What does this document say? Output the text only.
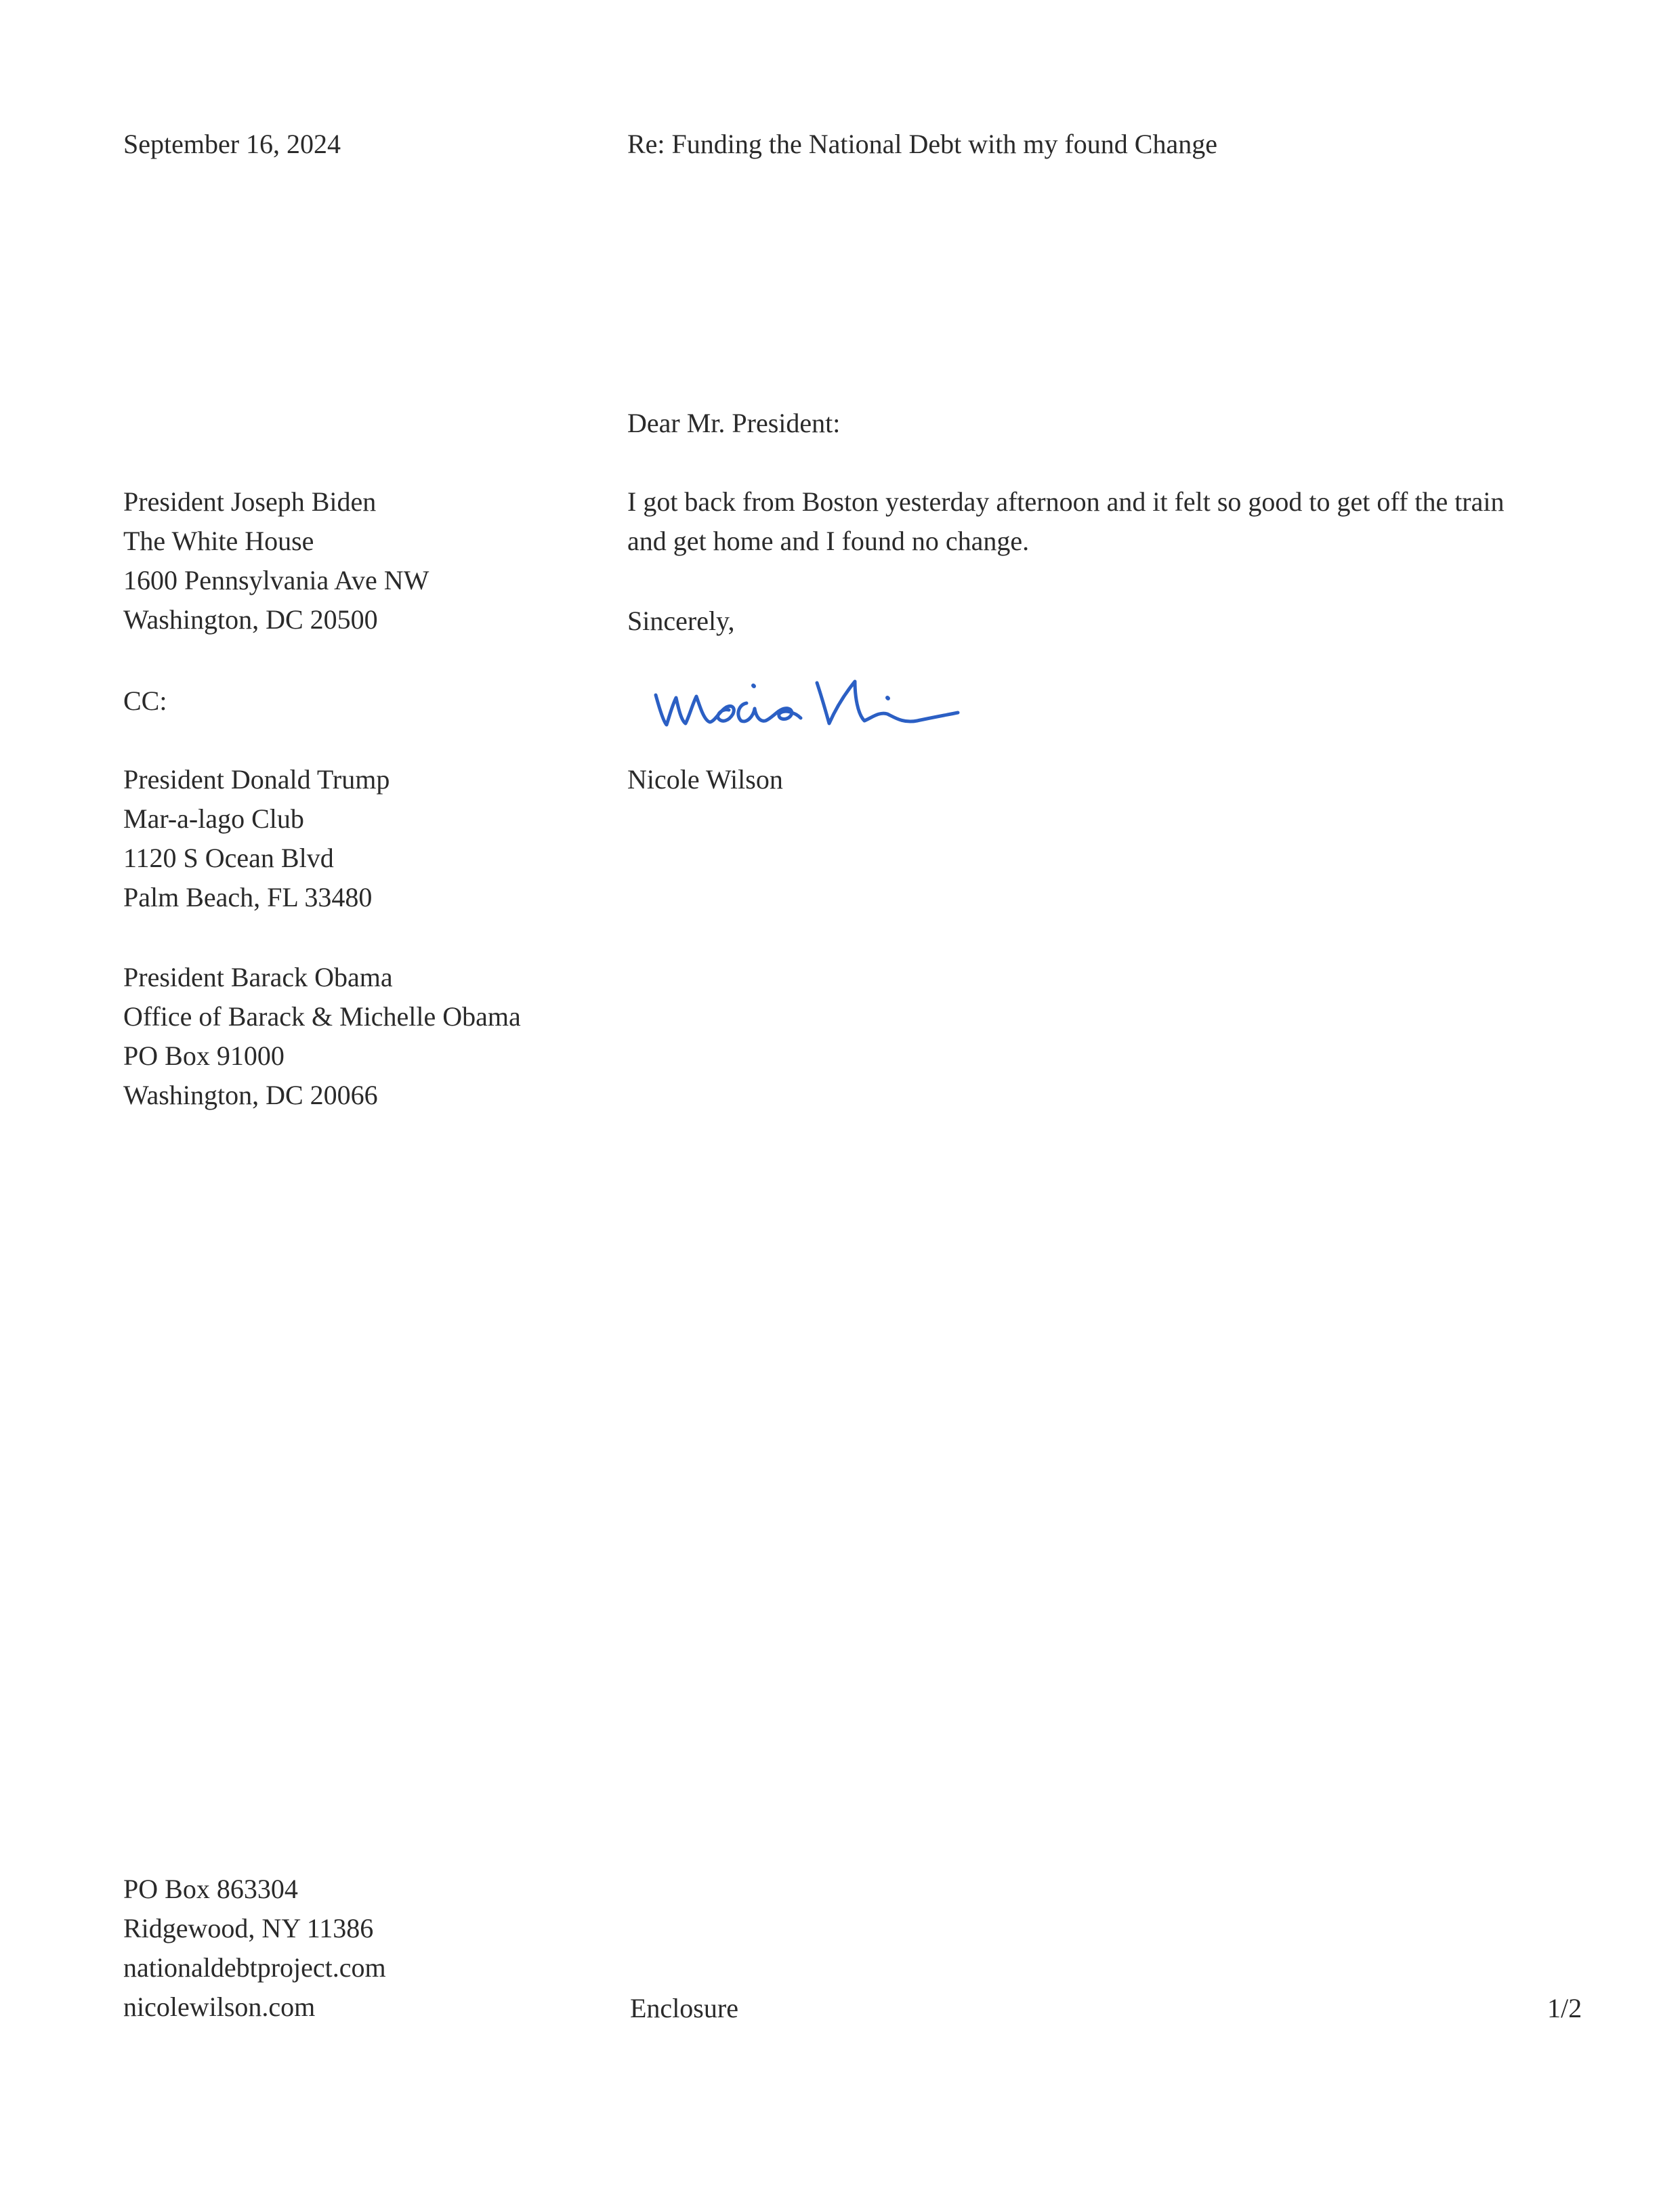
September 16, 2024	Re: Funding the National Debt with my found Change
Dear Mr. President:
President Joseph Biden
The White House
1600 Pennsylvania Ave NW
Washington, DC 20500
I got back from Boston yesterday afternoon and it felt so good to get off the train
and get home and I found no change.
Sincerely,
CC:
Nicole Wilson
President Donald Trump
Mar-a-lago Club
1120 S Ocean Blvd
Palm Beach, FL 33480
President Barack Obama
Office of Barack & Michelle Obama
PO Box 91000
Washington, DC 20066
PO Box 863304
Ridgewood, NY 11386
nationaldebtproject.com
nicolewilson.com	Enclosure	1/2
